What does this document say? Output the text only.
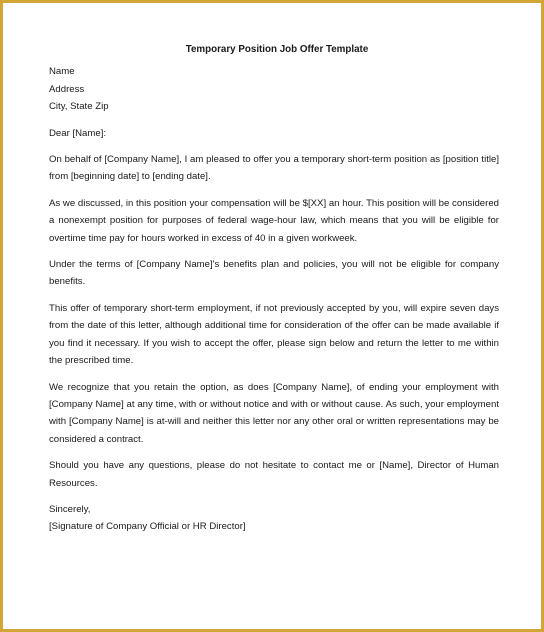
Temporary Position Job Offer Template
Name
Address
City, State Zip
Dear [Name]:
On behalf of [Company Name], I am pleased to offer you a temporary short-term position as [position title] from [beginning date] to [ending date].
As we discussed, in this position your compensation will be $[XX] an hour. This position will be considered a nonexempt position for purposes of federal wage-hour law, which means that you will be eligible for overtime time pay for hours worked in excess of 40 in a given workweek.
Under the terms of [Company Name]'s benefits plan and policies, you will not be eligible for company benefits.
This offer of temporary short-term employment, if not previously accepted by you, will expire seven days from the date of this letter, although additional time for consideration of the offer can be made available if you find it necessary. If you wish to accept the offer, please sign below and return the letter to me within the prescribed time.
We recognize that you retain the option, as does [Company Name], of ending your employment with [Company Name] at any time, with or without notice and with or without cause. As such, your employment with [Company Name] is at-will and neither this letter nor any other oral or written representations may be considered a contract.
Should you have any questions, please do not hesitate to contact me or [Name], Director of Human Resources.
Sincerely,
[Signature of Company Official or HR Director]
